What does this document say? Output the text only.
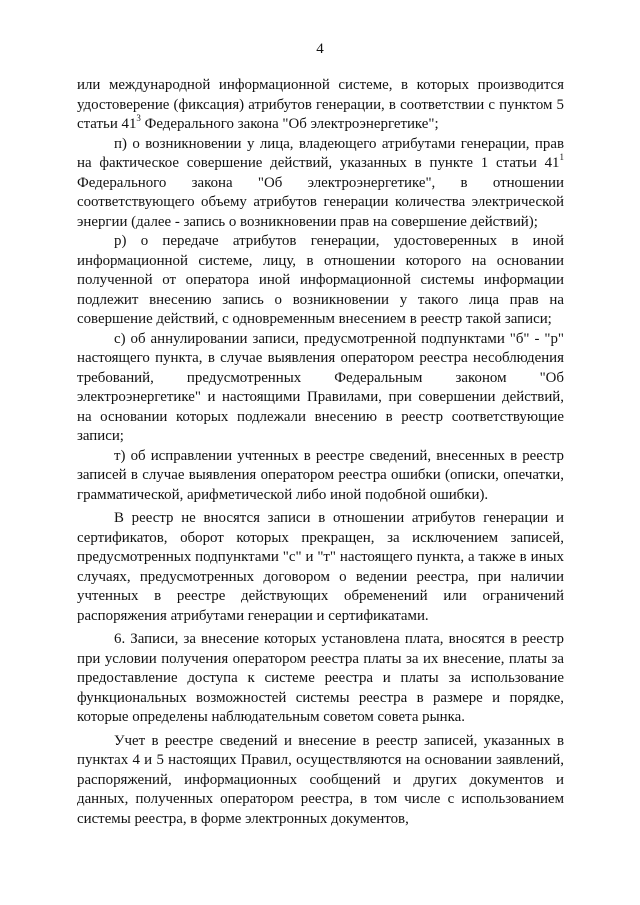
4

или международной информационной системе, в которых производится удостоверение (фиксация) атрибутов генерации, в соответствии с пунктом 5 статьи $41^3$ Федерального закона "Об электроэнергетике";

п) о возникновении у лица, владеющего атрибутами генерации, прав на фактическое совершение действий, указанных в пункте 1 статьи $41^1$ Федерального закона "Об электроэнергетике", в отношении соответствующего объему атрибутов генерации количества электрической энергии (далее - запись о возникновении прав на совершение действий);

р) о передаче атрибутов генерации, удостоверенных в иной информационной системе, лицу, в отношении которого на основании полученной от оператора иной информационной системы информации подлежит внесению запись о возникновении у такого лица прав на совершение действий, с одновременным внесением в реестр такой записи;

с) об аннулировании записи, предусмотренной подпунктами "б" - "р" настоящего пункта, в случае выявления оператором реестра несоблюдения требований, предусмотренных Федеральным законом "Об электроэнергетике" и настоящими Правилами, при совершении действий, на основании которых подлежали внесению в реестр соответствующие записи;

т) об исправлении учтенных в реестре сведений, внесенных в реестр записей в случае выявления оператором реестра ошибки (описки, опечатки, грамматической, арифметической либо иной подобной ошибки).

В реестр не вносятся записи в отношении атрибутов генерации и сертификатов, оборот которых прекращен, за исключением записей, предусмотренных подпунктами "с" и "т" настоящего пункта, а также в иных случаях, предусмотренных договором о ведении реестра, при наличии учтенных в реестре действующих обременений или ограничений распоряжения атрибутами генерации и сертификатами.

6. Записи, за внесение которых установлена плата, вносятся в реестр при условии получения оператором реестра платы за их внесение, платы за предоставление доступа к системе реестра и платы за использование функциональных возможностей системы реестра в размере и порядке, которые определены наблюдательным советом совета рынка.

Учет в реестре сведений и внесение в реестр записей, указанных в пунктах 4 и 5 настоящих Правил, осуществляются на основании заявлений, распоряжений, информационных сообщений и других документов и данных, полученных оператором реестра, в том числе с использованием системы реестра, в форме электронных документов,
